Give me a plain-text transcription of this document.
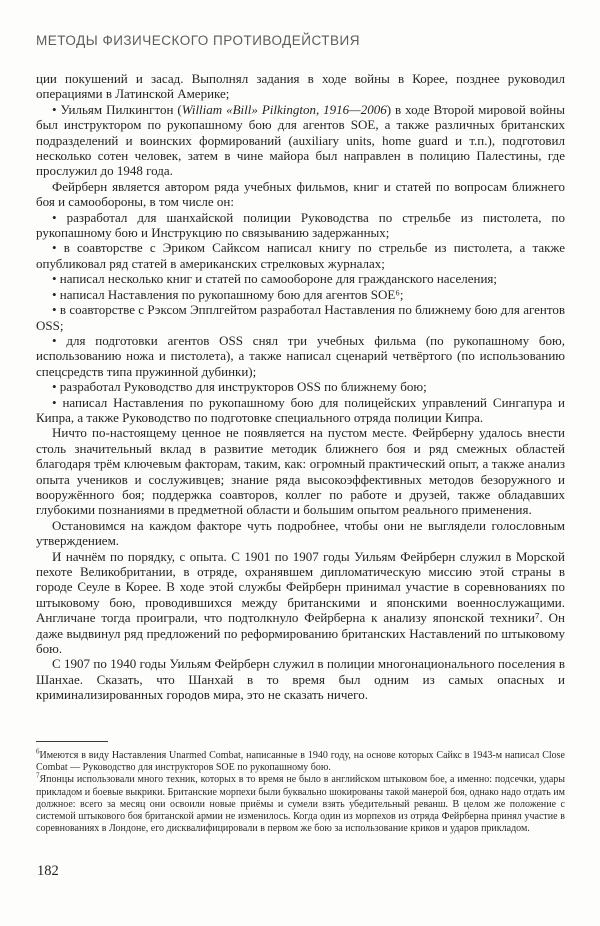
МЕТОДЫ ФИЗИЧЕСКОГО ПРОТИВОДЕЙСТВИЯ

ции покушений и засад. Выполнял задания в ходе войны в Корее, позднее руководил операциями в Латинской Америке;

• Уильям Пилкингтон (William «Bill» Pilkington, 1916—2006) в ходе Второй мировой войны был инструктором по рукопашному бою для агентов SOE, а также различных британских подразделений и воинских формирований (auxiliary units, home guard и т.п.), подготовил несколько сотен человек, затем в чине майора был направлен в полицию Палестины, где прослужил до 1948 года.

Фейрберн является автором ряда учебных фильмов, книг и статей по вопросам ближнего боя и самообороны, в том числе он:

• разработал для шанхайской полиции Руководства по стрельбе из пистолета, по рукопашному бою и Инструкцию по связыванию задержанных;

• в соавторстве с Эриком Сайксом написал книгу по стрельбе из пистолета, а также опубликовал ряд статей в американских стрелковых журналах;

• написал несколько книг и статей по самообороне для гражданского населения;

• написал Наставления по рукопашному бою для агентов SOE⁶;

• в соавторстве с Рэксом Эпплгейтом разработал Наставления по ближнему бою для агентов OSS;

• для подготовки агентов OSS снял три учебных фильма (по рукопашному бою, использованию ножа и пистолета), а также написал сценарий четвёртого (по использованию спецсредств типа пружинной дубинки);

• разработал Руководство для инструкторов OSS по ближнему бою;

• написал Наставления по рукопашному бою для полицейских управлений Сингапура и Кипра, а также Руководство по подготовке специального отряда полиции Кипра.

Ничто по-настоящему ценное не появляется на пустом месте. Фейрберну удалось внести столь значительный вклад в развитие методик ближнего боя и ряд смежных областей благодаря трём ключевым факторам, таким, как: огромный практический опыт, а также анализ опыта учеников и сослуживцев; знание ряда высокоэффективных методов безоружного и вооружённого боя; поддержка соавторов, коллег по работе и друзей, также обладавших глубокими познаниями в предметной области и большим опытом реального применения.

Остановимся на каждом факторе чуть подробнее, чтобы они не выглядели голословным утверждением.

И начнём по порядку, с опыта. С 1901 по 1907 годы Уильям Фейрберн служил в Морской пехоте Великобритании, в отряде, охранявшем дипломатическую миссию этой страны в городе Сеуле в Корее. В ходе этой службы Фейрберн принимал участие в соревнованиях по штыковому бою, проводившихся между британскими и японскими военнослужащими. Англичане тогда проиграли, что подтолкнуло Фейрберна к анализу японской техники⁷. Он даже выдвинул ряд предложений по реформированию британских Наставлений по штыковому бою.

С 1907 по 1940 годы Уильям Фейрберн служил в полиции многонационального поселения в Шанхае. Сказать, что Шанхай в то время был одним из самых опасных и криминализированных городов мира, это не сказать ничего.

$^6$Имеются в виду Наставления Unarmed Combat, написанные в 1940 году, на основе которых Сайкс в 1943-м написал Close Combat — Руководство для инструкторов SOE по рукопашному бою.

$^7$Японцы использовали много техник, которых в то время не было в английском штыковом бое, а именно: подсечки, удары прикладом и боевые выкрики. Британские морпехи были буквально шокированы такой манерой боя, однако надо отдать им должное: всего за месяц они освоили новые приёмы и сумели взять убедительный реванш. В целом же положение с системой штыкового боя британской армии не изменилось. Когда один из морпехов из отряда Фейрберна принял участие в соревнованиях в Лондоне, его дисквалифицировали в первом же бою за использование криков и ударов прикладом.

182
